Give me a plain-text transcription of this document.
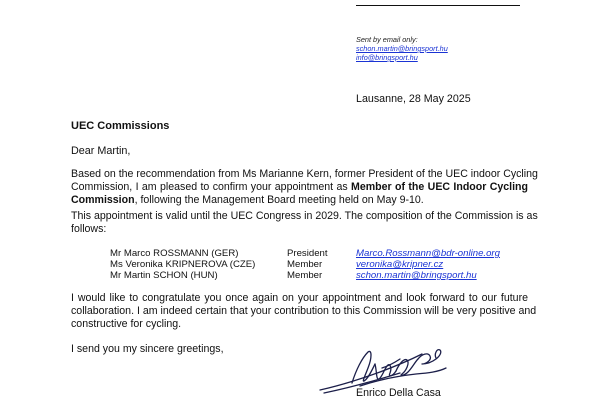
Sent by email only:
schon.martin@bringsport.hu
info@bringsport.hu
Lausanne, 28 May 2025
UEC Commissions
Dear Martin,
Based on the recommendation from Ms Marianne Kern, former President of the UEC indoor Cycling
Commission, I am pleased to confirm your appointment as Member of the UEC Indoor Cycling
Commission, following the Management Board meeting held on May 9-10.
This appointment is valid until the UEC Congress in 2029. The composition of the Commission is as
follows:
Mr Marco ROSSMANN (GER)	President	Marco.Rossmann@bdr-online.org
Ms Veronika KRIPNEROVA (CZE)	Member	veronika@kripner.cz
Mr Martin SCHON (HUN)	Member	schon.martin@bringsport.hu
I would like to congratulate you once again on your appointment and look forward to our future
collaboration. I am indeed certain that your contribution to this Commission will be very positive and
constructive for cycling.
I send you my sincere greetings,
Enrico Della Casa
